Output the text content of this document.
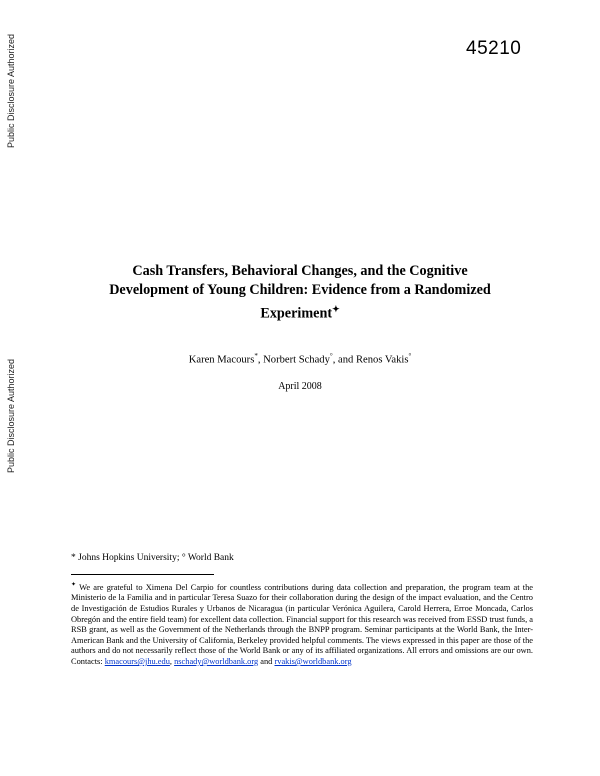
Public Disclosure Authorized
Public Disclosure Authorized
45210
Cash Transfers, Behavioral Changes, and the Cognitive
Development of Young Children: Evidence from a Randomized
Experiment✦
Karen Macours*, Norbert Schady°, and Renos Vakis°
April 2008
* Johns Hopkins University; ° World Bank
✦ We are grateful to Ximena Del Carpio for countless contributions during data collection and preparation, the program team at the Ministerio de la Familia and in particular Teresa Suazo for their collaboration during the design of the impact evaluation, and the Centro de Investigación de Estudios Rurales y Urbanos de Nicaragua (in particular Verónica Aguilera, Carold Herrera, Erroe Moncada, Carlos Obregón and the entire field team) for excellent data collection. Financial support for this research was received from ESSD trust funds, a RSB grant, as well as the Government of the Netherlands through the BNPP program. Seminar participants at the World Bank, the Inter-American Bank and the University of California, Berkeley provided helpful comments. The views expressed in this paper are those of the authors and do not necessarily reflect those of the World Bank or any of its affiliated organizations. All errors and omissions are our own. Contacts: kmacours@jhu.edu, nschady@worldbank.org and rvakis@worldbank.org
